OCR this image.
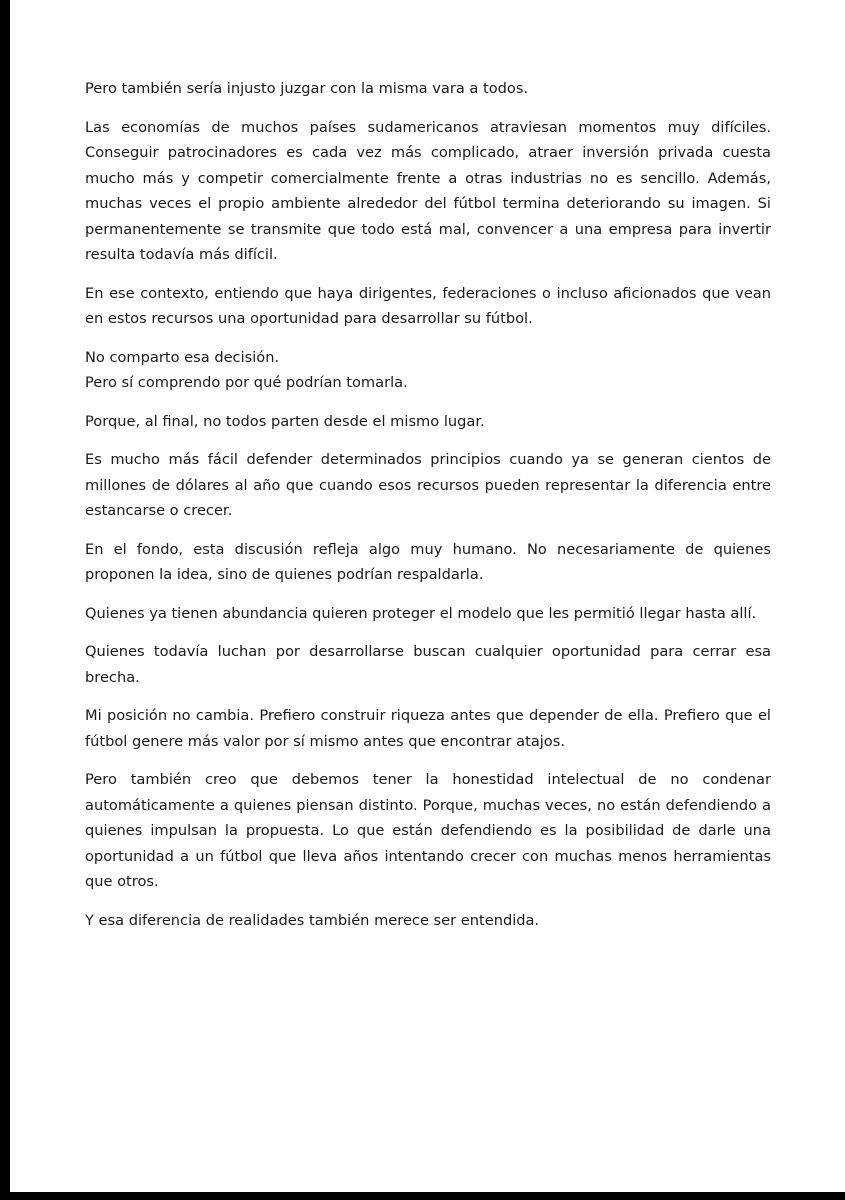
Pero también sería injusto juzgar con la misma vara a todos.

Las economías de muchos países sudamericanos atraviesan momentos muy difíciles. Conseguir patrocinadores es cada vez más complicado, atraer inversión privada cuesta mucho más y competir comercialmente frente a otras industrias no es sencillo. Además, muchas veces el propio ambiente alrededor del fútbol termina deteriorando su imagen. Si permanentemente se transmite que todo está mal, convencer a una empresa para invertir resulta todavía más difícil.

En ese contexto, entiendo que haya dirigentes, federaciones o incluso aficionados que vean en estos recursos una oportunidad para desarrollar su fútbol.

No comparto esa decisión.
Pero sí comprendo por qué podrían tomarla.

Porque, al final, no todos parten desde el mismo lugar.

Es mucho más fácil defender determinados principios cuando ya se generan cientos de millones de dólares al año que cuando esos recursos pueden representar la diferencia entre estancarse o crecer.

En el fondo, esta discusión refleja algo muy humano. No necesariamente de quienes proponen la idea, sino de quienes podrían respaldarla.

Quienes ya tienen abundancia quieren proteger el modelo que les permitió llegar hasta allí.

Quienes todavía luchan por desarrollarse buscan cualquier oportunidad para cerrar esa brecha.

Mi posición no cambia. Prefiero construir riqueza antes que depender de ella. Prefiero que el fútbol genere más valor por sí mismo antes que encontrar atajos.

Pero también creo que debemos tener la honestidad intelectual de no condenar automáticamente a quienes piensan distinto. Porque, muchas veces, no están defendiendo a quienes impulsan la propuesta. Lo que están defendiendo es la posibilidad de darle una oportunidad a un fútbol que lleva años intentando crecer con muchas menos herramientas que otros.

Y esa diferencia de realidades también merece ser entendida.
